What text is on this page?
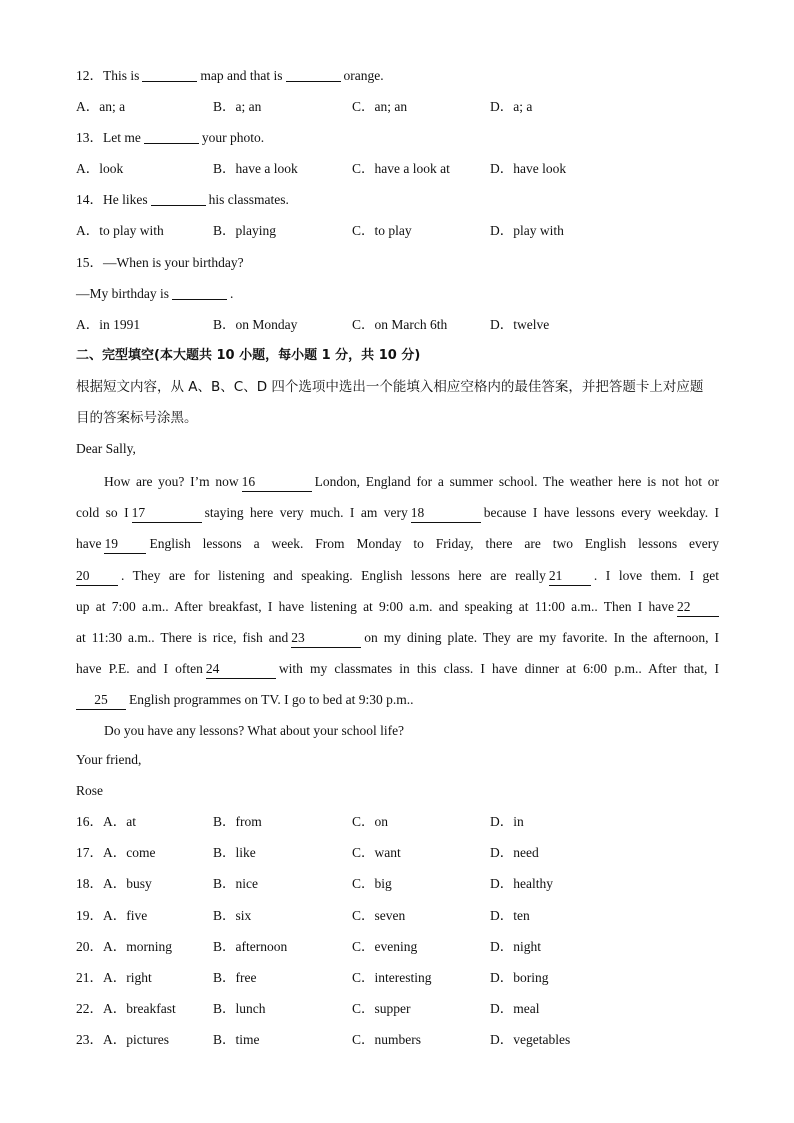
12．This is	map and that is	orange.
A．an; a	B．a; an	C．an; an	D．a; a
13．Let me	your photo.
A．look	B．have a look	C．have a look at	D．have look
14．He likes	his classmates.
A．to play with	B．playing	C．to play	D．play with
15．—When is your birthday?
—My birthday is	.
A．in 1991	B．on Monday	C．on March 6th	D．twelve
二、完型填空(本大题共 10 小题，每小题 1 分，共 10 分)
根据短文内容，从 A、B、C、D 四个选项中选出一个能填入相应空格内的最佳答案，并把答题卡上对应题
目的答案标号涂黑。
Dear Sally,
How are you? I’m now 16	London, England for a summer school. The weather here is not hot or
cold so I 17	staying here very much. I am very 18	because I have lessons every weekday. I
have 19 English lessons a week. From Monday to Friday, there are two English lessons every
20 . They are for listening and speaking. English lessons here are really 21 . I love them. I get
up at 7:00 a.m.. After breakfast, I have listening at 9:00 a.m. and speaking at 11:00 a.m.. Then I have 22
at 11:30 a.m.. There is rice, fish and 23	on my dining plate. They are my favorite. In the afternoon, I
have P.E. and I often 24	with my classmates in this class. I have dinner at 6:00 p.m.. After that, I
25 English programmes on TV. I go to bed at 9:30 p.m..
Do you have any lessons? What about your school life?
Your friend,
Rose
16．A．at	B．from	C．on	D．in
17．A．come	B．like	C．want	D．need
18．A．busy	B．nice	C．big	D．healthy
19．A．five	B．six	C．seven	D．ten
20．A．morning	B．afternoon	C．evening	D．night
21．A．right	B．free	C．interesting	D．boring
22．A．breakfast	B．lunch	C．supper	D．meal
23．A．pictures	B．time	C．numbers	D．vegetables
